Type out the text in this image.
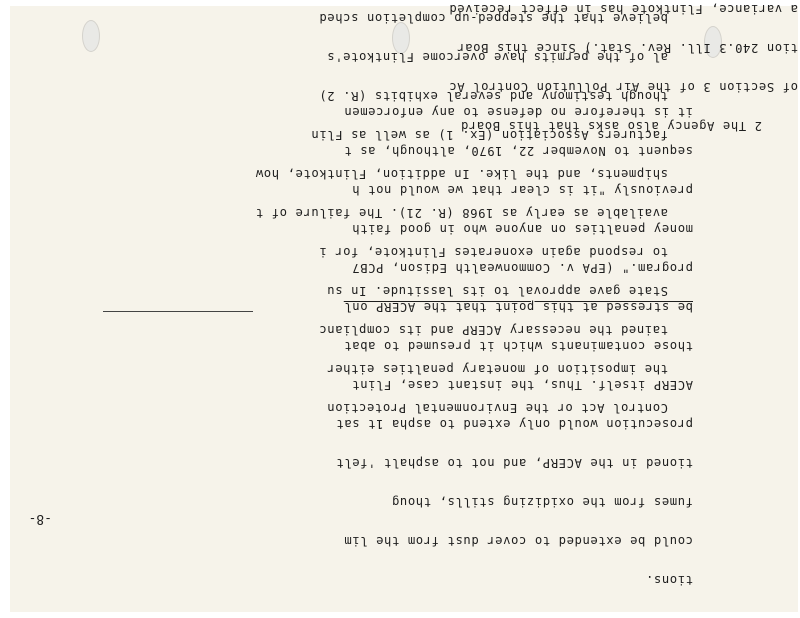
-8-

2 The Agency also asks that this Board

of Section 3 of the Air Pollution Control Ac

tion 240.3 Ill. Rev. Stat.) Since this Boar

a variance, Flintkote has in effect received

tions.

could be extended to cover dust from the lim

fumes from the oxidizing stills, thoug

tioned in the ACERP, and not to asphalt 'felt

prosecution would only extend to aspha 1t sat

ACERP itself. Thus, the instant case, Flint

those contaminants which it presumed to abat

be stressed at this point that the ACERP onl

program." (EPA v. Commonwealth Edison, PCB7

money penalties on anyone who in good faith

previously "it is clear that we would not h

sequent to November 22, 1970, although, as t

it is therefore no defense to any enforcemen

Control Act or the Environmental Protection

the imposition of monetary penalties either

tained the necessary ACERP and its complianc

State gave approval to its lassitude. In su

to respond again exonerates Flintkote, for i

available as early as 1968 (R. 21). The failure of t

shipments, and the like. In addition, Flintkote, how

facturers Association (Ex. 1) as well as Flin

though testimony and several exhibits (R. 2)

al of the permits have overcome Flintkote's

believe that the stepped-up completion sched
